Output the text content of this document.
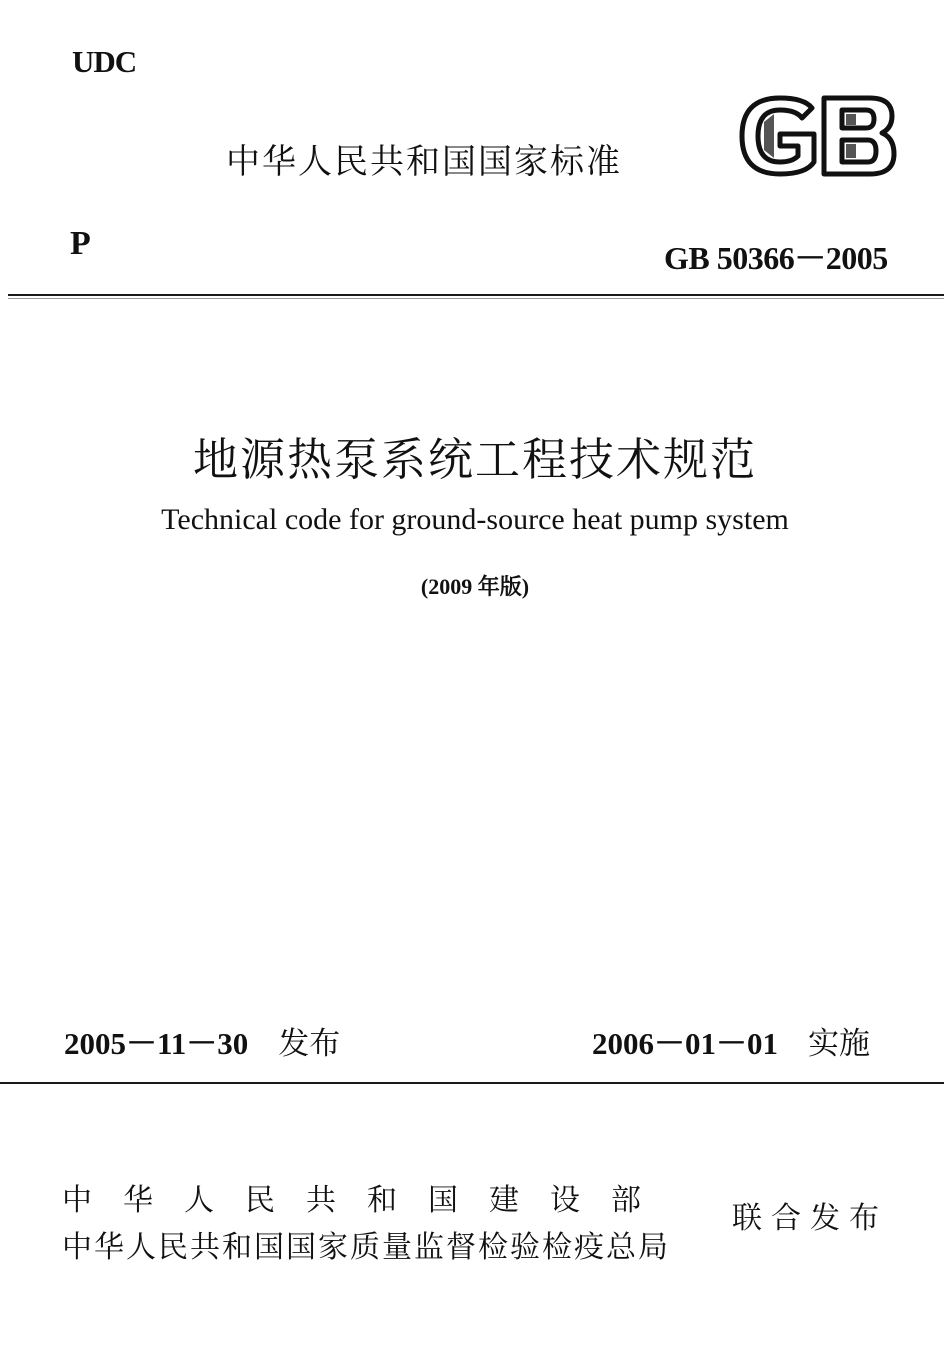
UDC
中华人民共和国国家标准
P	GB 50366－2005
地源热泵系统工程技术规范
Technical code for ground-source heat pump system
(2009 年版)
2005－11－30 发布	2006－01－01 实施
中华人民共和国建设部
中华人民共和国国家质量监督检验检疫总局
联合发布
